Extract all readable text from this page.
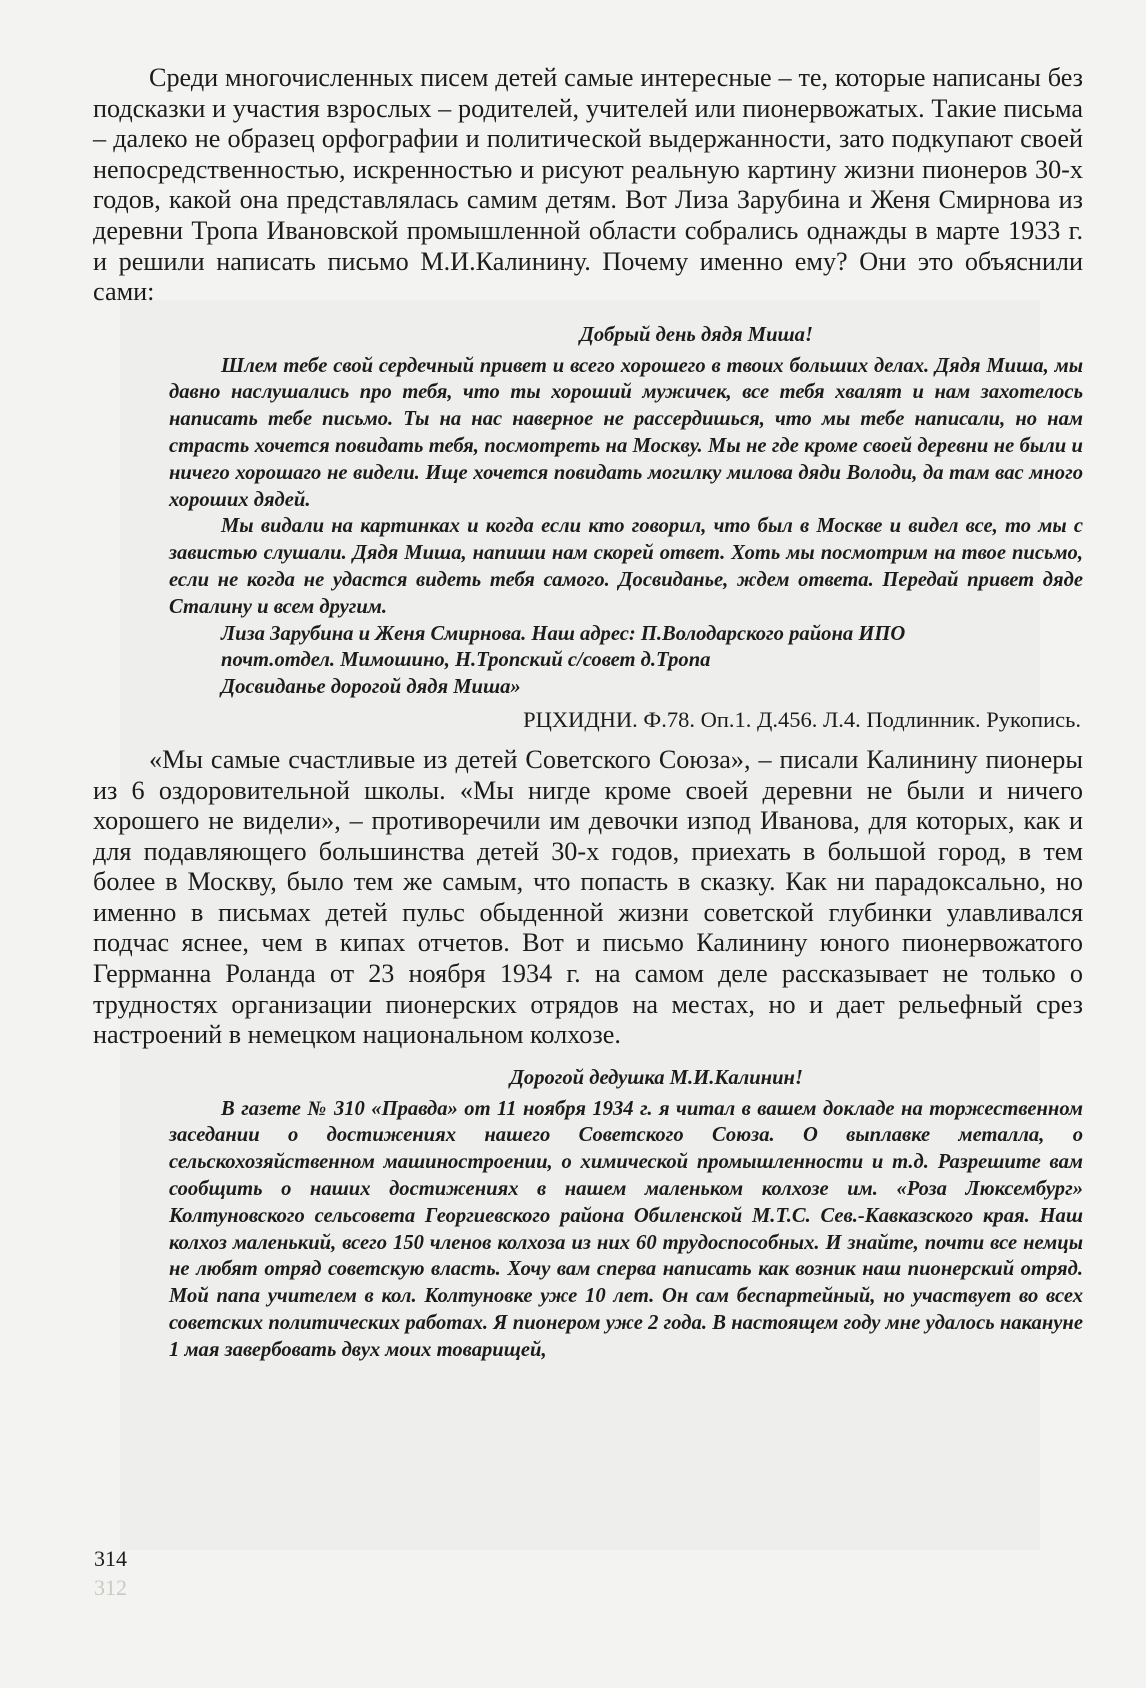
Среди многочисленных писем детей самые интересные – те, которые написаны без подсказки и участия взрослых – родителей, учителей или пионервожатых. Такие письма – далеко не образец орфографии и политической выдержанности, зато подкупают своей непосредственностью, искренностью и рисуют реальную картину жизни пионеров 30-х годов, какой она представлялась самим детям. Вот Лиза Зарубина и Женя Смирнова из деревни Тропа Ивановской промышленной области собрались однажды в марте 1933 г. и решили написать письмо М.И.Калинину. Почему именно ему? Они это объяснили сами:

Добрый день дядя Миша!

Шлем тебе свой сердечный привет и всего хорошего в твоих больших делах. Дядя Миша, мы давно наслушались про тебя, что ты хороший мужичек, все тебя хвалят и нам захотелось написать тебе письмо. Ты на нас наверное не рассердишься, что мы тебе написали, но нам страсть хочется повидать тебя, посмотреть на Москву. Мы не где кроме своей деревни не были и ничего хорошаго не видели. Ище хочется повидать могилку милова дяди Володи, да там вас много хороших дядей.

Мы видали на картинках и когда если кто говорил, что был в Москве и видел все, то мы с завистью слушали. Дядя Миша, напиши нам скорей ответ. Хоть мы посмотрим на твое письмо, если не когда не удастся видеть тебя самого. Досвиданье, ждем ответа. Передай привет дяде Сталину и всем другим.

Лиза Зарубина и Женя Смирнова. Наш адрес: П.Володарского района ИПО

почт.отдел. Мимошино, Н.Тропский с/совет д.Тропа

Досвиданье дорогой дядя Миша»

РЦХИДНИ. Ф.78. Оп.1. Д.456. Л.4. Подлинник. Рукопись.

«Мы самые счастливые из детей Советского Союза», – писали Калинину пионеры из 6 оздоровительной школы. «Мы нигде кроме своей деревни не были и ничего хорошего не видели», – противоречили им девочки изпод Иванова, для которых, как и для подавляющего большинства детей 30-х годов, приехать в большой город, в тем более в Москву, было тем же самым, что попасть в сказку. Как ни парадоксально, но именно в письмах детей пульс обыденной жизни советской глубинки улавливался подчас яснее, чем в кипах отчетов. Вот и письмо Калинину юного пионервожатого Геррманна Роланда от 23 ноября 1934 г. на самом деле рассказывает не только о трудностях организации пионерских отрядов на местах, но и дает рельефный срез настроений в немецком национальном колхозе.

Дорогой дедушка М.И.Калинин!

В газете № 310 «Правда» от 11 ноября 1934 г. я читал в вашем докладе на торжественном заседании о достижениях нашего Советского Союза. О выплавке металла, о сельскохозяйственном машиностроении, о химической промышленности и т.д. Разрешите вам сообщить о наших достижениях в нашем маленьком колхозе им. «Роза Люксембург» Колтуновского сельсовета Георгиевского района Обиленской М.Т.С. Сев.-Кавказского края. Наш колхоз маленький, всего 150 членов колхоза из них 60 трудоспособных. И знайте, почти все немцы не любят отряд советскую власть. Хочу вам сперва написать как возник наш пионерский отряд. Мой папа учителем в кол. Колтуновке уже 10 лет. Он сам беспартейный, но участвует во всех советских политических работах. Я пионером уже 2 года. В настоящем году мне удалось накануне 1 мая завербовать двух моих товарищей,

314
312
